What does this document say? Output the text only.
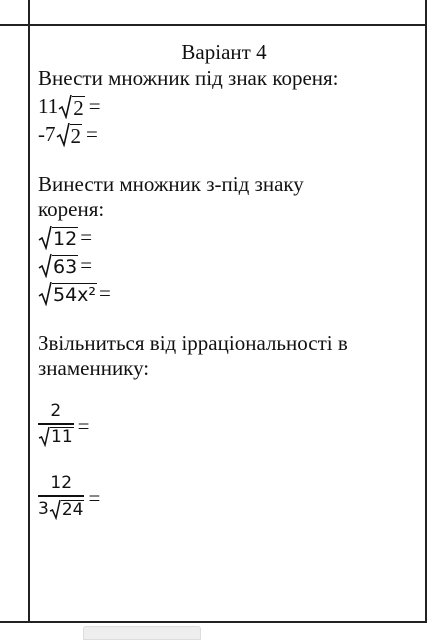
Варіант 4
Внести множник під знак кореня:
11 2 =
-7 2 =
Винести множник з-під знаку
кореня:
12 =
63 =
54x² =
Звільниться від ірраціональності в
знаменнику:
$\frac{2}{11}$ =
$\frac{12}{3 24}$ =
